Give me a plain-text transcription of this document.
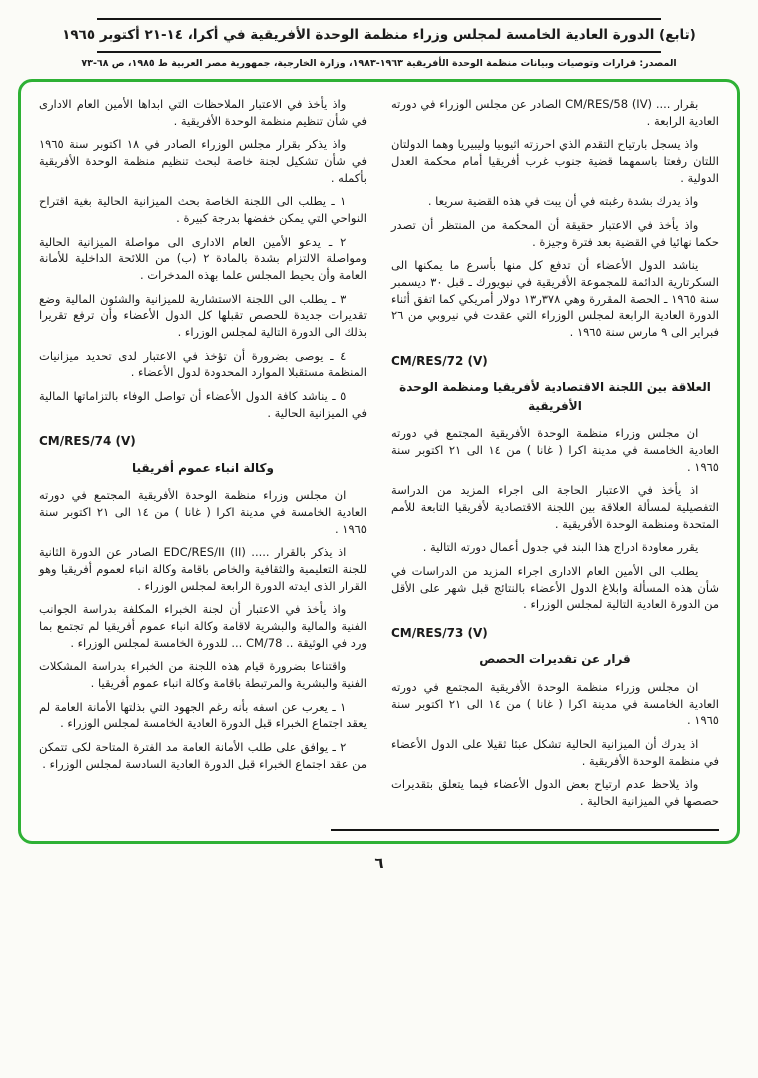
(تابع) الدورة العادية الخامسة لمجلس وزراء منظمة الوحدة الأفريقية في أكرا، ١٤-٢١ أكتوبر ١٩٦٥
المصدر: قرارات وتوصيات وبيانات منظمة الوحدة الأفريقية ١٩٦٣-١٩٨٣، وزارة الخارجية، جمهورية مصر العربية ط ١٩٨٥، ص ٦٨-٧٣

بقرار .... CM/RES/58 (IV) الصادر عن مجلس الوزراء في دورته العادية الرابعة .

واذ يسجل بارتياح التقدم الذي احرزته اثيوبيا وليبيريا وهما الدولتان اللتان رفعتا باسمهما قضية جنوب غرب أفريقيا أمام محكمة العدل الدولية .

واذ يدرك بشدة رغبته في أن يبت في هذه القضية سريعا .

واذ يأخذ في الاعتبار حقيقة أن المحكمة من المنتظر أن تصدر حكما نهائيا في القضية بعد فترة وجيزة .

يناشد الدول الأعضاء أن تدفع كل منها بأسرع ما يمكنها الى السكرتارية الدائمة للمجموعة الأفريقية في نيويورك ـ قبل ٣٠ ديسمبر سنة ١٩٦٥ ـ الحصة المقررة وهي ٣٧٨ر١٣ دولار أمريكي كما اتفق أثناء الدورة العادية الرابعة لمجلس الوزراء التي عقدت في نيروبي من ٢٦ فبراير الى ٩ مارس سنة ١٩٦٥ .

CM/RES/72 (V)
العلاقة بين اللجنة الاقتصادية لأفريقيا ومنظمة الوحدة الأفريقية

ان مجلس وزراء منظمة الوحدة الأفريقية المجتمع في دورته العادية الخامسة في مدينة اكرا ( غانا ) من ١٤ الى ٢١ اكتوبر سنة ١٩٦٥ .

اذ يأخذ في الاعتبار الحاجة الى اجراء المزيد من الدراسة التفصيلية لمسألة العلاقة بين اللجنة الاقتصادية لأفريقيا التابعة للأمم المتحدة ومنظمة الوحدة الأفريقية .

يقرر معاودة ادراج هذا البند في جدول أعمال دورته التالية .

يطلب الى الأمين العام الادارى اجراء المزيد من الدراسات في شأن هذه المسألة وابلاغ الدول الأعضاء بالنتائج قبل شهر على الأقل من الدورة العادية التالية لمجلس الوزراء .

CM/RES/73 (V)
قرار عن تقديرات الحصص

ان مجلس وزراء منظمة الوحدة الأفريقية المجتمع في دورته العادية الخامسة في مدينة اكرا ( غانا ) من ١٤ الى ٢١ اكتوبر سنة ١٩٦٥ .

اذ يدرك أن الميزانية الحالية تشكل عبئا ثقيلا على الدول الأعضاء في منظمة الوحدة الأفريقية .

واذ يلاحظ عدم ارتياح بعض الدول الأعضاء فيما يتعلق بتقديرات حصصها في الميزانية الحالية .

واذ يأخذ في الاعتبار الملاحظات التي ابداها الأمين العام الادارى في شأن تنظيم منظمة الوحدة الأفريقية .

واذ يذكر بقرار مجلس الوزراء الصادر في ١٨ اكتوبر سنة ١٩٦٥ في شأن تشكيل لجنة خاصة لبحث تنظيم منظمة الوحدة الأفريقية بأكمله .

١ ـ يطلب الى اللجنة الخاصة بحث الميزانية الحالية بغية اقتراح النواحي التي يمكن خفضها بدرجة كبيرة .

٢ ـ يدعو الأمين العام الادارى الى مواصلة الميزانية الحالية ومواصلة الالتزام بشدة بالمادة ٢ (ب) من اللائحة الداخلية للأمانة العامة وأن يحيط المجلس علما بهذه المدخرات .

٣ ـ يطلب الى اللجنة الاستشارية للميزانية والشئون المالية وضع تقديرات جديدة للحصص تقبلها كل الدول الأعضاء وأن ترفع تقريرا بذلك الى الدورة التالية لمجلس الوزراء .

٤ ـ يوصى بضرورة أن تؤخذ في الاعتبار لدى تحديد ميزانيات المنظمة مستقبلا الموارد المحدودة لدول الأعضاء .

٥ ـ يناشد كافة الدول الأعضاء أن تواصل الوفاء بالتزاماتها المالية في الميزانية الحالية .

CM/RES/74 (V)
وكالة انباء عموم أفريقيا

ان مجلس وزراء منظمة الوحدة الأفريقية المجتمع في دورته العادية الخامسة في مدينة اكرا ( غانا ) من ١٤ الى ٢١ اكتوبر سنة ١٩٦٥ .

اذ يذكر بالقرار ..... EDC/RES/II (II) الصادر عن الدورة الثانية للجنة التعليمية والثقافية والخاص باقامة وكالة انباء لعموم أفريقيا وهو القرار الذى ايدته الدورة الرابعة لمجلس الوزراء .

واذ يأخذ في الاعتبار أن لجنة الخبراء المكلفة بدراسة الجوانب الفنية والمالية والبشرية لاقامة وكالة انباء عموم أفريقيا لم تجتمع بما ورد في الوثيقة .. CM/78 ... للدورة الخامسة لمجلس الوزراء .

واقتناعا بضرورة قيام هذه اللجنة من الخبراء بدراسة المشكلات الفنية والبشرية والمرتبطة باقامة وكالة انباء عموم أفريقيا .

١ ـ يعرب عن اسفه بأنه رغم الجهود التي بذلتها الأمانة العامة لم يعقد اجتماع الخبراء قبل الدورة العادية الخامسة لمجلس الوزراء .

٢ ـ يوافق على طلب الأمانة العامة مد الفترة المتاحة لكى تتمكن من عقد اجتماع الخبراء قبل الدورة العادية السادسة لمجلس الوزراء .

٦
